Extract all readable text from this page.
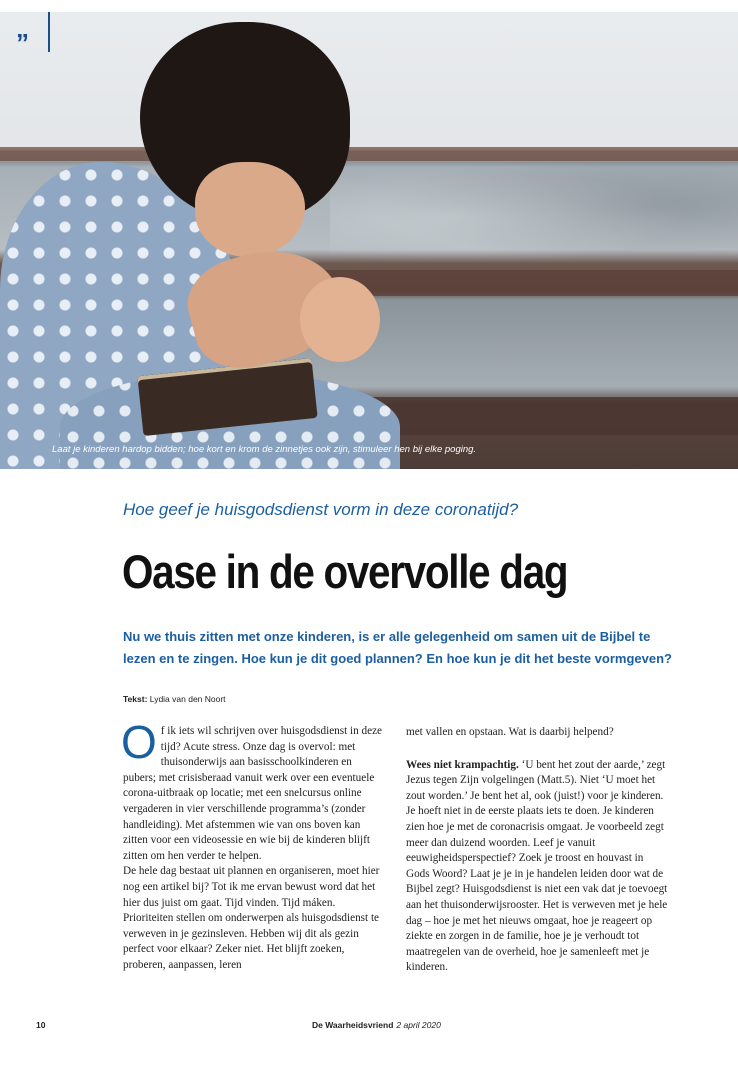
”
Laat je kinderen hardop bidden; hoe kort en krom de zinnetjes ook zijn, stimuleer hen bij elke poging.
Hoe geef je huisgodsdienst vorm in deze coronatijd?
Oase in de overvolle dag

Nu we thuis zitten met onze kinderen, is er alle gelegenheid om samen uit de Bijbel te lezen en te zingen. Hoe kun je dit goed plannen? En hoe kun je dit het beste vormgeven?

Tekst: Lydia van den Noort

Of ik iets wil schrijven over huisgodsdienst in deze tijd? Acute stress. Onze dag is overvol: met thuisonderwijs aan basisschoolkinderen en pubers; met crisisberaad vanuit werk over een eventuele corona-uitbraak op locatie; met een snelcursus online vergaderen in vier verschillende programma’s (zonder handleiding). Met afstemmen wie van ons boven kan zitten voor een videosessie en wie bij de kinderen blijft zitten om hen verder te helpen.

De hele dag bestaat uit plannen en organiseren, moet hier nog een artikel bij? Tot ik me ervan bewust word dat het hier dus juist om gaat. Tijd vinden. Tijd máken. Prioriteiten stellen om onderwerpen als huisgodsdienst te verweven in je gezinsleven. Hebben wij dit als gezin perfect voor elkaar? Zeker niet. Het blijft zoeken, proberen, aanpassen, leren

met vallen en opstaan. Wat is daarbij helpend?

Wees niet krampachtig. ‘U bent het zout der aarde,’ zegt Jezus tegen Zijn volgelingen (Matt.5). Niet ‘U moet het zout worden.’ Je bent het al, ook (juist!) voor je kinderen. Je hoeft niet in de eerste plaats iets te doen. Je kinderen zien hoe je met de coronacrisis omgaat. Je voorbeeld zegt meer dan duizend woorden. Leef je vanuit eeuwigheidsperspectief? Zoek je troost en houvast in Gods Woord? Laat je je in je handelen leiden door wat de Bijbel zegt? Huisgodsdienst is niet een vak dat je toevoegt aan het thuisonderwijsrooster. Het is verweven met je hele dag – hoe je met het nieuws omgaat, hoe je reageert op ziekte en zorgen in de familie, hoe je je verhoudt tot maatregelen van de overheid, hoe je samenleeft met je kinderen.

10	De Waarheidsvriend 2 april 2020
